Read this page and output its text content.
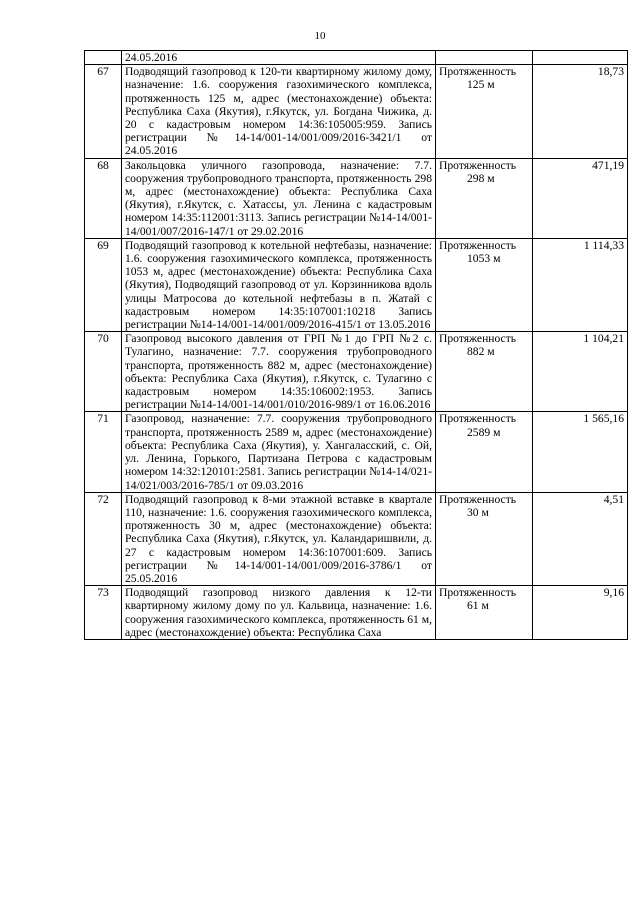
10
	24.05.2016		
67	Подводящий газопровод к 120-ти квартирному жилому дому, назначение: 1.6. сооружения газохимического комплекса, протяженность 125 м, адрес (местонахождение) объекта: Республика Саха (Якутия), г.Якутск, ул. Богдана Чижика, д. 20 с кадастровым номером 14:36:105005:959. Запись регистрации №14-14/001-14/001/009/2016-3421/1 от 24.05.2016	Протяженность
125 м	18,73
68	Закольцовка уличного газопровода, назначение: 7.7. сооружения трубопроводного транспорта, протяженность 298 м, адрес (местонахождение) объекта: Республика Саха (Якутия), г.Якутск, с. Хатассы, ул. Ленина с кадастровым номером 14:35:112001:3113. Запись регистрации №14-14/001-14/001/007/2016-147/1 от 29.02.2016	Протяженность
298 м	471,19
69	Подводящий газопровод к котельной нефтебазы, назначение: 1.6. сооружения газохимического комплекса, протяженность 1053 м, адрес (местонахождение) объекта: Республика Саха (Якутия), Подводящий газопровод от ул. Корзинникова вдоль улицы Матросова до котельной нефтебазы в п. Жатай с кадастровым номером 14:35:107001:10218 Запись регистрации №14-14/001-14/001/009/2016-415/1 от 13.05.2016	Протяженность
1053 м	1 114,33
70	Газопровод высокого давления от ГРП №1 до ГРП №2 с. Тулагино, назначение: 7.7. сооружения трубопроводного транспорта, протяженность 882 м, адрес (местонахождение) объекта: Республика Саха (Якутия), г.Якутск, с. Тулагино с кадастровым номером 14:35:106002:1953. Запись регистрации №14-14/001-14/001/010/2016-989/1 от 16.06.2016	Протяженность
882 м	1 104,21
71	Газопровод, назначение: 7.7. сооружения трубопроводного транспорта, протяженность 2589 м, адрес (местонахождение) объекта: Республика Саха (Якутия), у. Хангаласский, с. Ой, ул. Ленина, Горького, Партизана Петрова с кадастровым номером 14:32:120101:2581. Запись регистрации №14-14/021-14/021/003/2016-785/1 от 09.03.2016	Протяженность
2589 м	1 565,16
72	Подводящий газопровод к 8-ми этажной вставке в квартале 110, назначение: 1.6. сооружения газохимического комплекса, протяженность 30 м, адрес (местонахождение) объекта: Республика Саха (Якутия), г.Якутск, ул. Каландаришвили, д. 27 с кадастровым номером 14:36:107001:609. Запись регистрации №14-14/001-14/001/009/2016-3786/1 от 25.05.2016	Протяженность
30 м	4,51
73	Подводящий газопровод низкого давления к 12-ти квартирному жилому дому по ул. Кальвица, назначение: 1.6. сооружения газохимического комплекса, протяженность 61 м, адрес (местонахождение) объекта: Республика Саха	Протяженность
61 м	9,16
